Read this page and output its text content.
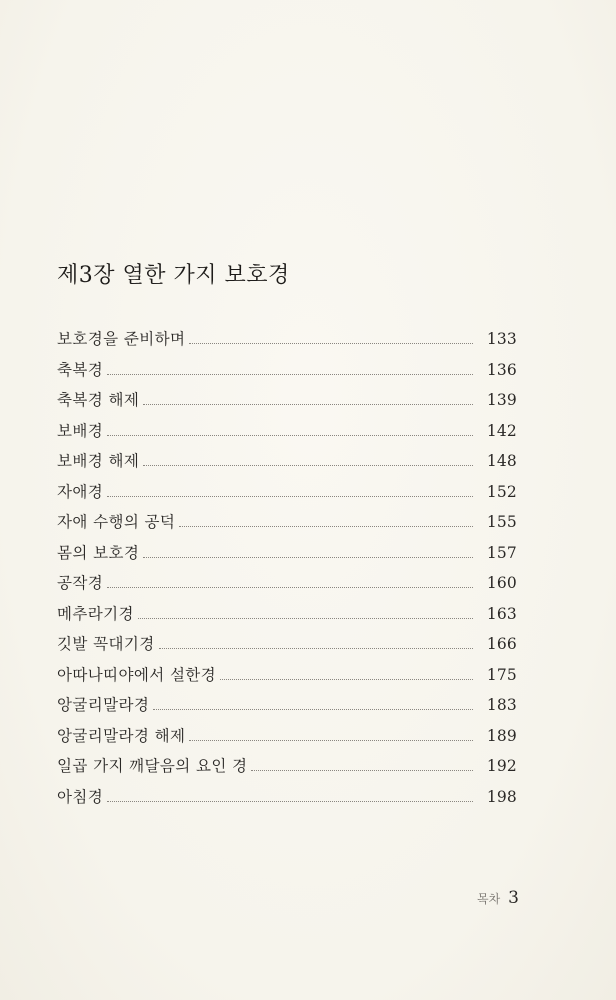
제3장 열한 가지 보호경
보호경을 준비하며	133
축복경	136
축복경 해제	139
보배경	142
보배경 해제	148
자애경	152
자애 수행의 공덕	155
몸의 보호경	157
공작경	160
메추라기경	163
깃발 꼭대기경	166
아따나띠야에서 설한경	175
앙굴리말라경	183
앙굴리말라경 해제	189
일곱 가지 깨달음의 요인 경	192
아침경	198
목차 3
